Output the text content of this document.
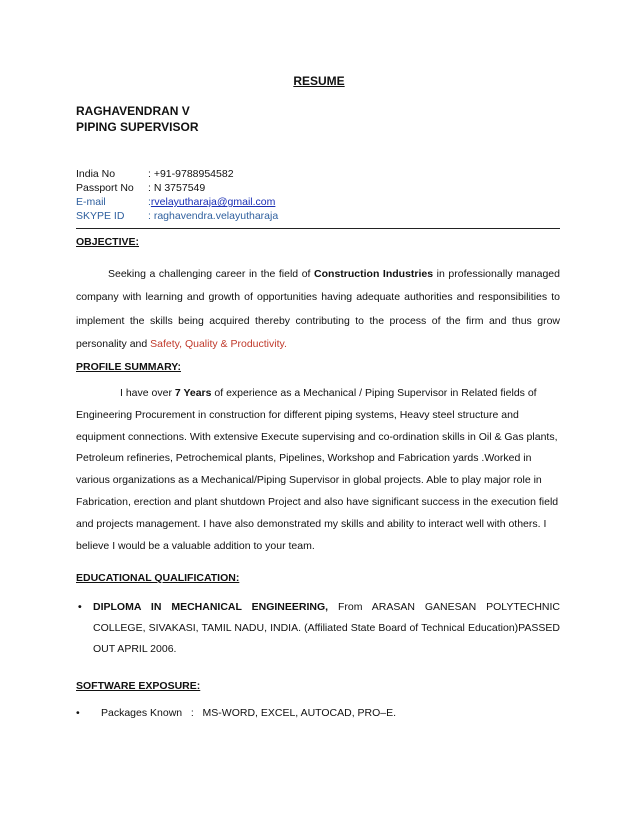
RESUME
RAGHAVENDRAN V
PIPING SUPERVISOR
India No	: +91-9788954582
Passport No	: N 3757549
E-mail	: rvelayutharaja@gmail.com
SKYPE ID	: raghavendra.velayutharaja
OBJECTIVE:
Seeking a challenging career in the field of Construction Industries in professionally managed company with learning and growth of opportunities having adequate authorities and responsibilities to implement the skills being acquired thereby contributing to the process of the firm and thus grow personality and Safety, Quality & Productivity.
PROFILE SUMMARY:
I have over 7 Years of experience as a Mechanical / Piping Supervisor in Related fields of Engineering Procurement in construction for different piping systems, Heavy steel structure and equipment connections. With extensive Execute supervising and co-ordination skills in Oil & Gas plants, Petroleum refineries, Petrochemical plants, Pipelines, Workshop and Fabrication yards .Worked in various organizations as a Mechanical/Piping Supervisor in global projects. Able to play major role in Fabrication, erection and plant shutdown Project and also have significant success in the execution field and projects management. I have also demonstrated my skills and ability to interact well with others. I believe I would be a valuable addition to your team.
EDUCATIONAL QUALIFICATION:
• DIPLOMA IN MECHANICAL ENGINEERING, From ARASAN GANESAN POLYTECHNIC COLLEGE, SIVAKASI, TAMIL NADU, INDIA. (Affiliated State Board of Technical Education)PASSED OUT APRIL 2006.
SOFTWARE EXPOSURE:
• Packages Known   :   MS-WORD, EXCEL, AUTOCAD, PRO–E.
